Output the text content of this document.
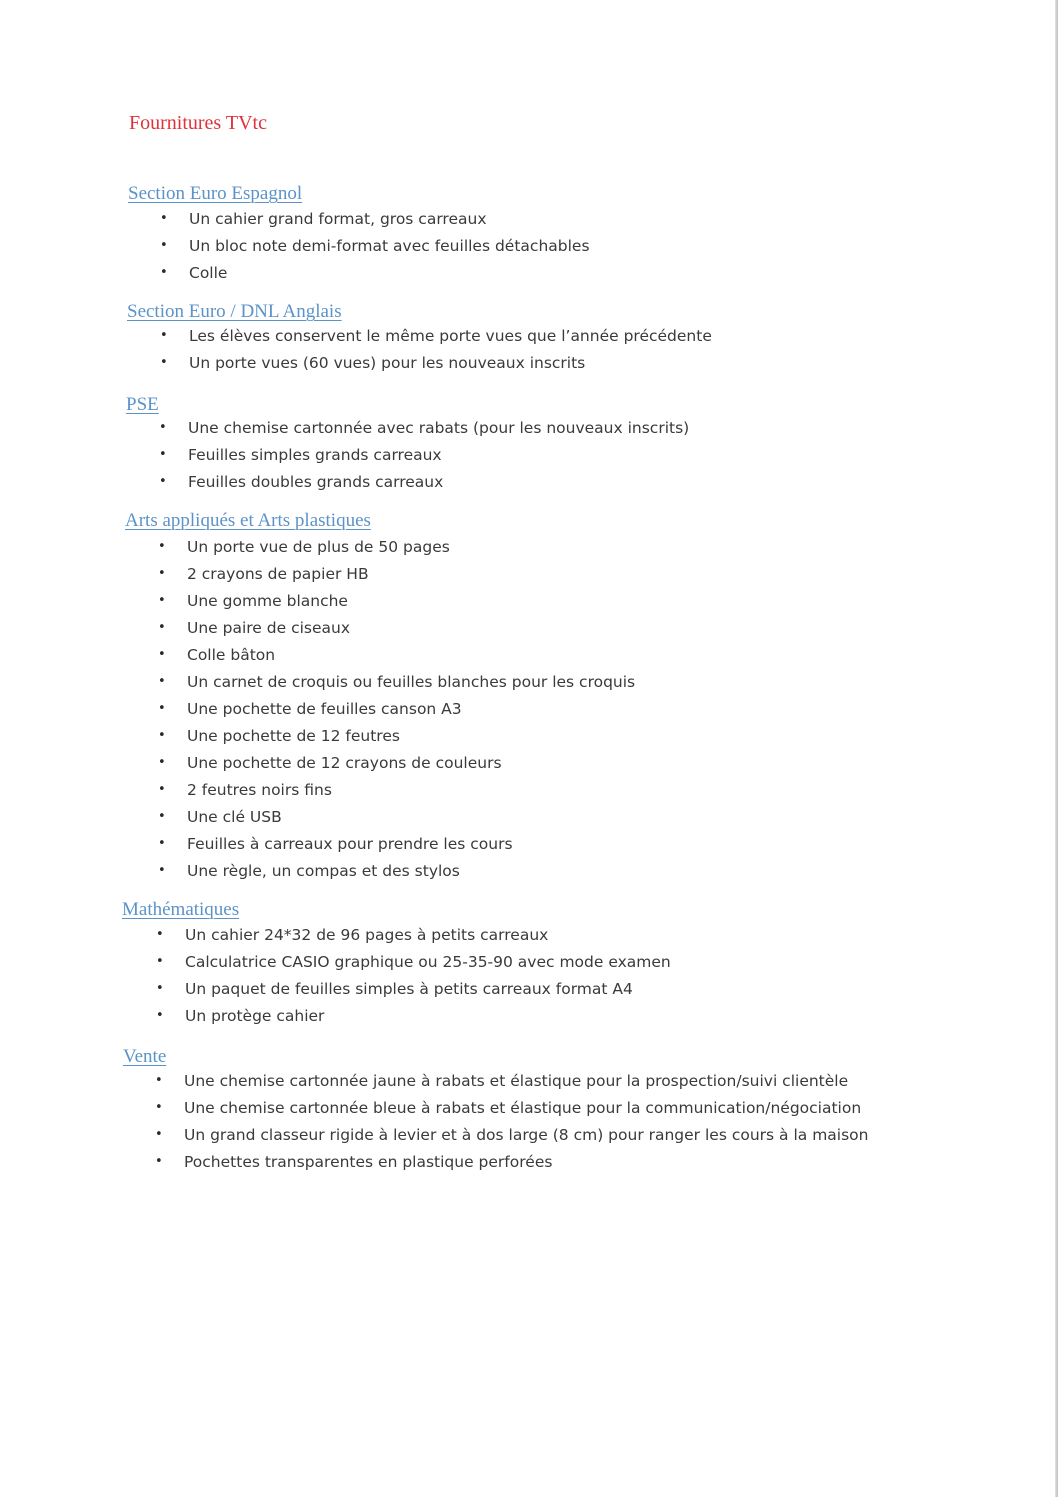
Fournitures TVtc
Section Euro Espagnol
• Un cahier grand format, gros carreaux
• Un bloc note demi-format avec feuilles détachables
• Colle
Section Euro / DNL Anglais
• Les élèves conservent le même porte vues que l’année précédente
• Un porte vues (60 vues) pour les nouveaux inscrits
PSE
• Une chemise cartonnée avec rabats (pour les nouveaux inscrits)
• Feuilles simples grands carreaux
• Feuilles doubles grands carreaux
Arts appliqués et Arts plastiques
• Un porte vue de plus de 50 pages
• 2 crayons de papier HB
• Une gomme blanche
• Une paire de ciseaux
• Colle bâton
• Un carnet de croquis ou feuilles blanches pour les croquis
• Une pochette de feuilles canson A3
• Une pochette de 12 feutres
• Une pochette de 12 crayons de couleurs
• 2 feutres noirs fins
• Une clé USB
• Feuilles à carreaux pour prendre les cours
• Une règle, un compas et des stylos
Mathématiques
• Un cahier 24*32 de 96 pages à petits carreaux
• Calculatrice CASIO graphique ou 25-35-90 avec mode examen
• Un paquet de feuilles simples à petits carreaux format A4
• Un protège cahier
Vente
• Une chemise cartonnée jaune à rabats et élastique pour la prospection/suivi clientèle
• Une chemise cartonnée bleue à rabats et élastique pour la communication/négociation
• Un grand classeur rigide à levier et à dos large (8 cm) pour ranger les cours à la maison
• Pochettes transparentes en plastique perforées
